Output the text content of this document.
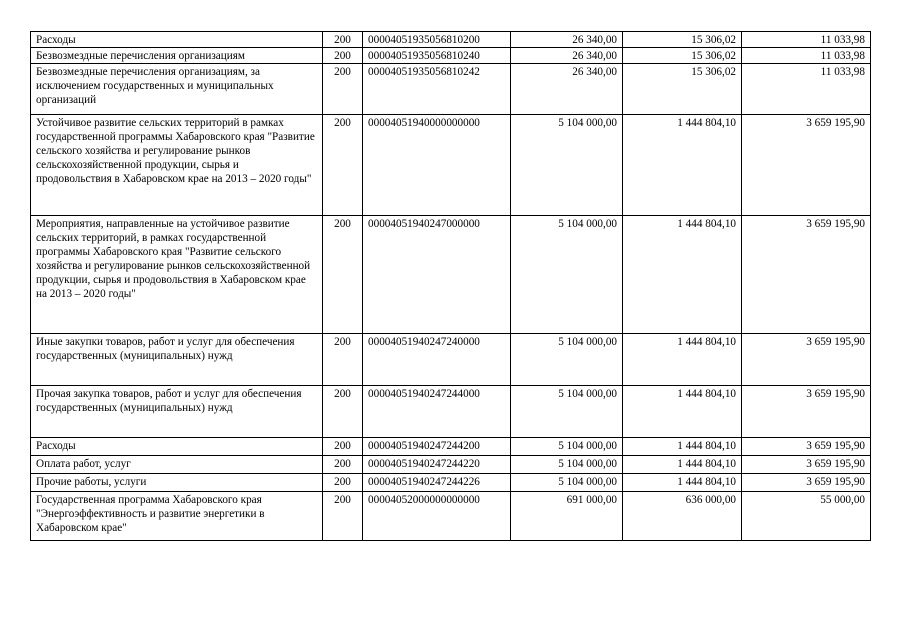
Расходы	200	00004051935056810200	26 340,00	15 306,02	11 033,98
Безвозмездные перечисления организациям	200	00004051935056810240	26 340,00	15 306,02	11 033,98
Безвозмездные перечисления организациям, за исключением государственных и муниципальных организаций	200	00004051935056810242	26 340,00	15 306,02	11 033,98
Устойчивое развитие сельских территорий в рамках государственной программы Хабаровского края "Развитие сельского хозяйства и регулирование рынков сельскохозяйственной продукции, сырья и продовольствия в Хабаровском крае на 2013 – 2020 годы"	200	00004051940000000000	5 104 000,00	1 444 804,10	3 659 195,90
Мероприятия, направленные на устойчивое развитие сельских территорий, в рамках государственной программы Хабаровского края "Развитие сельского хозяйства и регулирование рынков сельскохозяйственной продукции, сырья и продовольствия в Хабаровском крае на 2013 – 2020 годы"	200	00004051940247000000	5 104 000,00	1 444 804,10	3 659 195,90
Иные закупки товаров, работ и услуг для обеспечения государственных (муниципальных) нужд	200	00004051940247240000	5 104 000,00	1 444 804,10	3 659 195,90
Прочая закупка товаров, работ и услуг для обеспечения государственных (муниципальных) нужд	200	00004051940247244000	5 104 000,00	1 444 804,10	3 659 195,90
Расходы	200	00004051940247244200	5 104 000,00	1 444 804,10	3 659 195,90
Оплата работ, услуг	200	00004051940247244220	5 104 000,00	1 444 804,10	3 659 195,90
Прочие работы, услуги	200	00004051940247244226	5 104 000,00	1 444 804,10	3 659 195,90
Государственная программа Хабаровского края "Энергоэффективность и развитие энергетики в Хабаровском крае"	200	00004052000000000000	691 000,00	636 000,00	55 000,00
